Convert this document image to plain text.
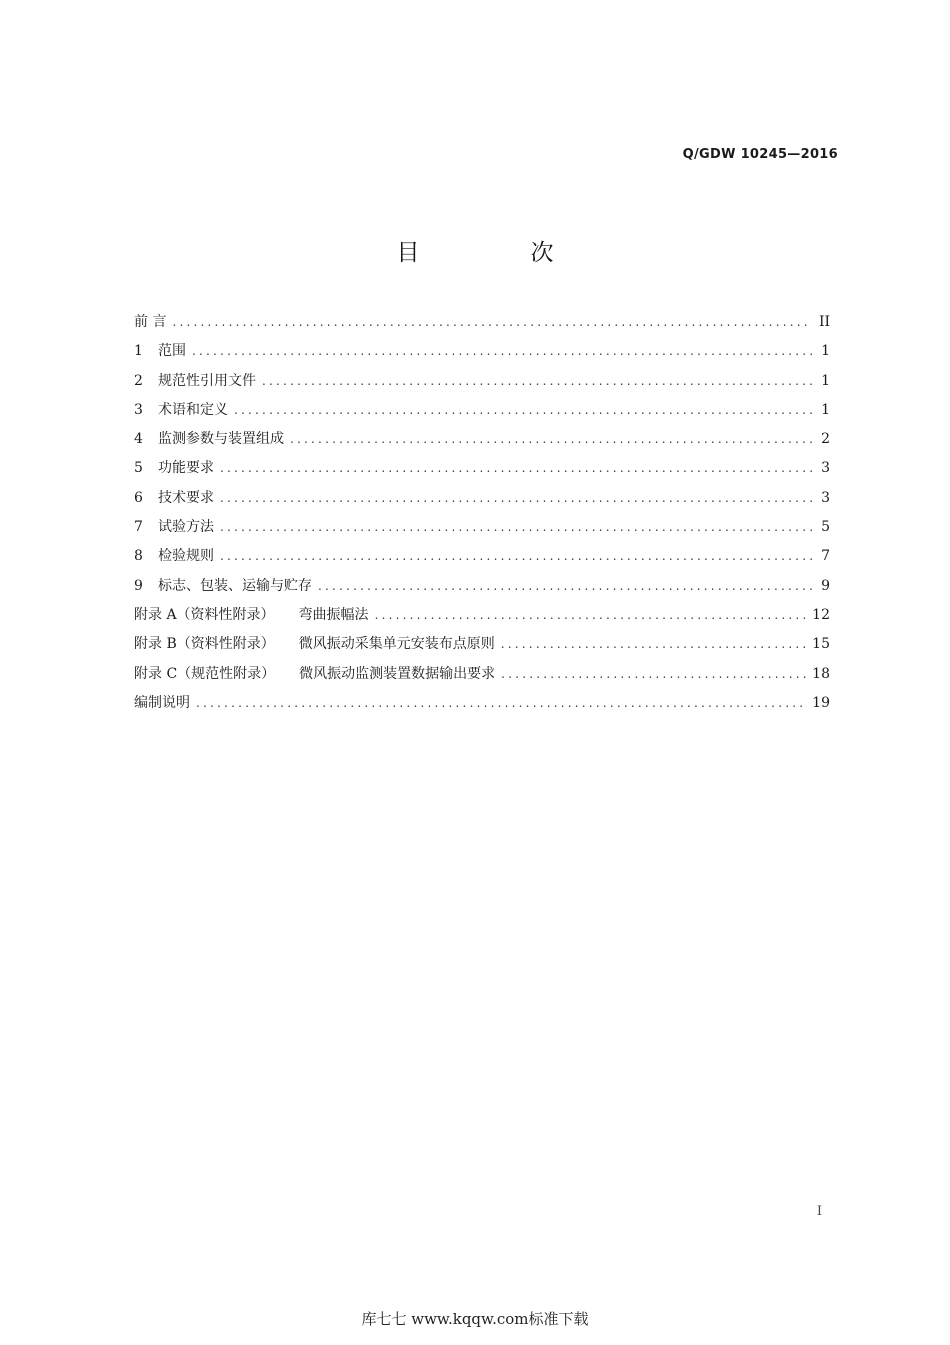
Q/GDW 10245—2016
目　次
前 言 .....	II
1	范围 .....	1
2	规范性引用文件 .....	1
3	术语和定义 .....	1
4	监测参数与装置组成 .....	2
5	功能要求 .....	3
6	技术要求 .....	3
7	试验方法 .....	5
8	检验规则 .....	7
9	标志、包装、运输与贮存 .....	9
附录 A（资料性附录） 弯曲振幅法 .....	12
附录 B（资料性附录） 微风振动采集单元安装布点原则 .....	15
附录 C（规范性附录） 微风振动监测装置数据输出要求 .....	18
编制说明 .....	19
I
库七七 www.kqqw.com标准下载
